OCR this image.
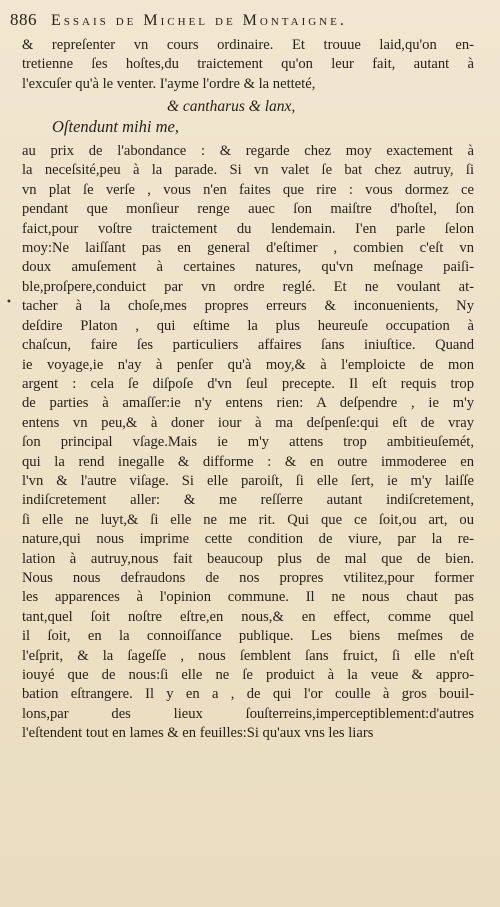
886 Essais de Michel de Montaigne.
•
& repreſenter vn cours ordinaire. Et trouue laid,qu'on en-
tretienne ſes hoſtes,du traictement qu'on leur fait, autant à
l'excuſer qu'à le venter. I'ayme l'ordre & la netteté,
& cantharus & lanx,
Oſtendunt mihi me,
au prix de l'abondance : & regarde chez moy exactement à
la neceſsité,peu à la parade. Si vn valet ſe bat chez autruy, ſi
vn plat ſe verſe , vous n'en faites que rire : vous dormez ce
pendant que monſieur renge auec ſon maiſtre d'hoſtel, ſon
faict,pour voſtre traictement du lendemain. I'en parle ſelon
moy:Ne laiſſant pas en general d'eſtimer , combien c'eſt vn
doux amuſement à certaines natures, qu'vn meſnage paiſi-
ble,proſpere,conduict par vn ordre reglé. Et ne voulant at-
tacher à la choſe,mes propres erreurs & inconuenients, Ny
deſdire Platon , qui eſtime la plus heureuſe occupation à
chaſcun, faire ſes particuliers affaires ſans iniuſtice. Quand
ie voyage,ie n'ay à penſer qu'à moy,& à l'emploicte de mon
argent : cela ſe diſpoſe d'vn ſeul precepte. Il eſt requis trop
de parties à amaſſer:ie n'y entens rien: A deſpendre , ie m'y
entens vn peu,& à doner iour à ma deſpenſe:qui eſt de vray
ſon principal vſage.Mais ie m'y attens trop ambitieuſemét,
qui la rend inegalle & difforme : & en outre immoderee en
l'vn & l'autre viſage. Si elle paroiſt, ſi elle ſert, ie m'y laiſſe
indiſcretement aller: & me reſſerre autant indiſcretement,
ſi elle ne luyt,& ſi elle ne me rit. Qui que ce ſoit,ou art, ou
nature,qui nous imprime cette condition de viure, par la re-
lation à autruy,nous fait beaucoup plus de mal que de bien.
Nous nous defraudons de nos propres vtilitez,pour former
les apparences à l'opinion commune. Il ne nous chaut pas
tant,quel ſoit noſtre eſtre,en nous,& en effect, comme quel
il ſoit, en la connoiſſance publique. Les biens meſmes de
l'eſprit, & la ſageſſe , nous ſemblent ſans fruict, ſi elle n'eſt
iouyé que de nous:ſi elle ne ſe produict à la veue & appro-
bation eſtrangere. Il y en a , de qui l'or coulle à gros bouil-
lons,par des lieux ſouſterreins,imperceptiblement:d'autres
l'eſtendent tout en lames & en feuilles:Si qu'aux vns les liars
